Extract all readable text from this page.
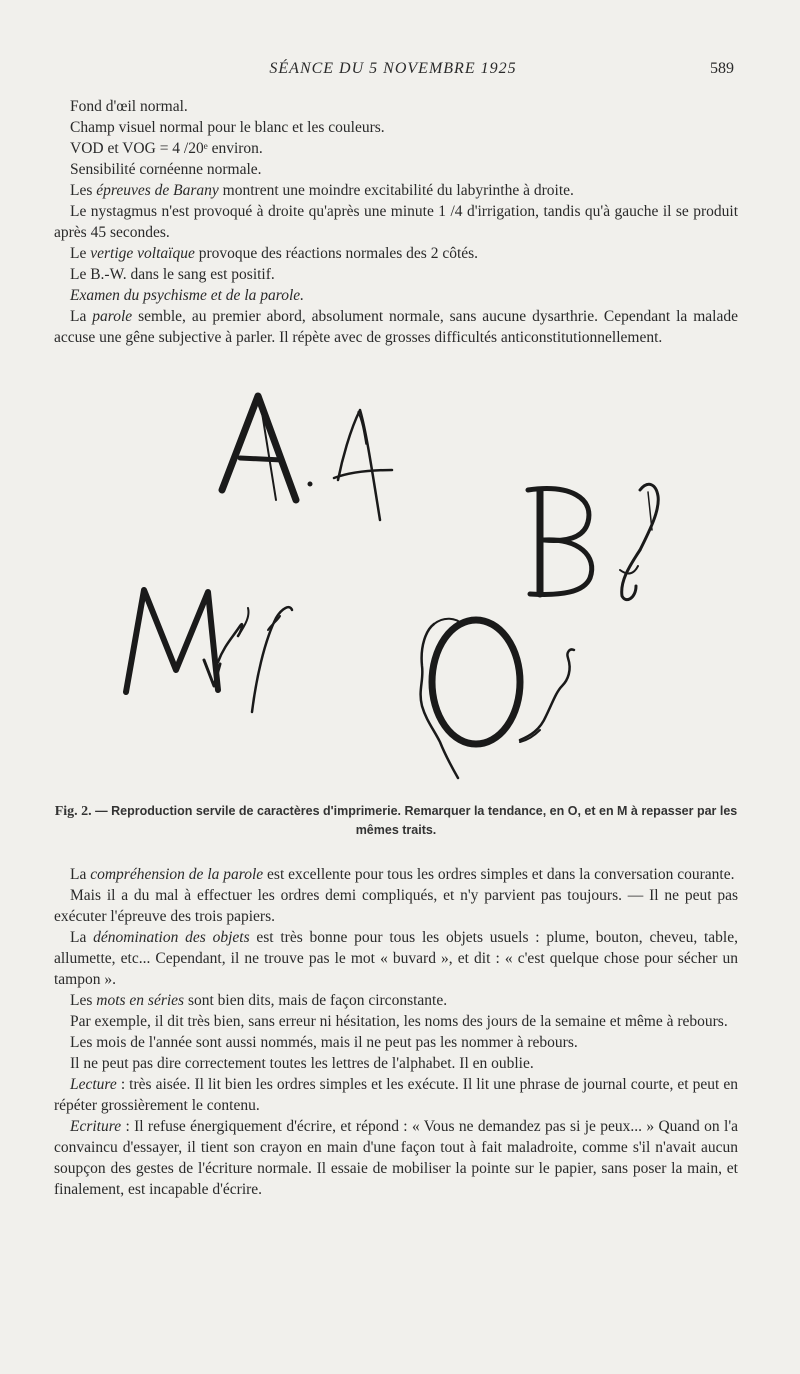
SÉANCE DU 5 NOVEMBRE 1925	589

Fond d'œil normal.

Champ visuel normal pour le blanc et les couleurs.

VOD et VOG = 4 /20ᵉ environ.

Sensibilité cornéenne normale.

Les épreuves de Barany montrent une moindre excitabilité du labyrinthe à droite.

Le nystagmus n'est provoqué à droite qu'après une minute 1 /4 d'irrigation, tandis qu'à gauche il se produit après 45 secondes.

Le vertige voltaïque provoque des réactions normales des 2 côtés.

Le B.-W. dans le sang est positif.

Examen du psychisme et de la parole.

La parole semble, au premier abord, absolument normale, sans aucune dysarthrie. Cependant la malade accuse une gêne subjective à parler. Il répète avec de grosses difficultés anticonstitutionnellement.

Fig. 2. — Reproduction servile de caractères d'imprimerie. Remarquer la tendance, en O, et en M à repasser par les mêmes traits.

La compréhension de la parole est excellente pour tous les ordres simples et dans la conversation courante.

Mais il a du mal à effectuer les ordres demi compliqués, et n'y parvient pas toujours. — Il ne peut pas exécuter l'épreuve des trois papiers.

La dénomination des objets est très bonne pour tous les objets usuels : plume, bouton, cheveu, table, allumette, etc... Cependant, il ne trouve pas le mot « buvard », et dit : « c'est quelque chose pour sécher un tampon ».

Les mots en séries sont bien dits, mais de façon circonstante.

Par exemple, il dit très bien, sans erreur ni hésitation, les noms des jours de la semaine et même à rebours.

Les mois de l'année sont aussi nommés, mais il ne peut pas les nommer à rebours.

Il ne peut pas dire correctement toutes les lettres de l'alphabet. Il en oublie.

Lecture : très aisée. Il lit bien les ordres simples et les exécute. Il lit une phrase de journal courte, et peut en répéter grossièrement le contenu.

Ecriture : Il refuse énergiquement d'écrire, et répond : « Vous ne demandez pas si je peux... » Quand on l'a convaincu d'essayer, il tient son crayon en main d'une façon tout à fait maladroite, comme s'il n'avait aucun soupçon des gestes de l'écriture normale. Il essaie de mobiliser la pointe sur le papier, sans poser la main, et finalement, est incapable d'écrire.
